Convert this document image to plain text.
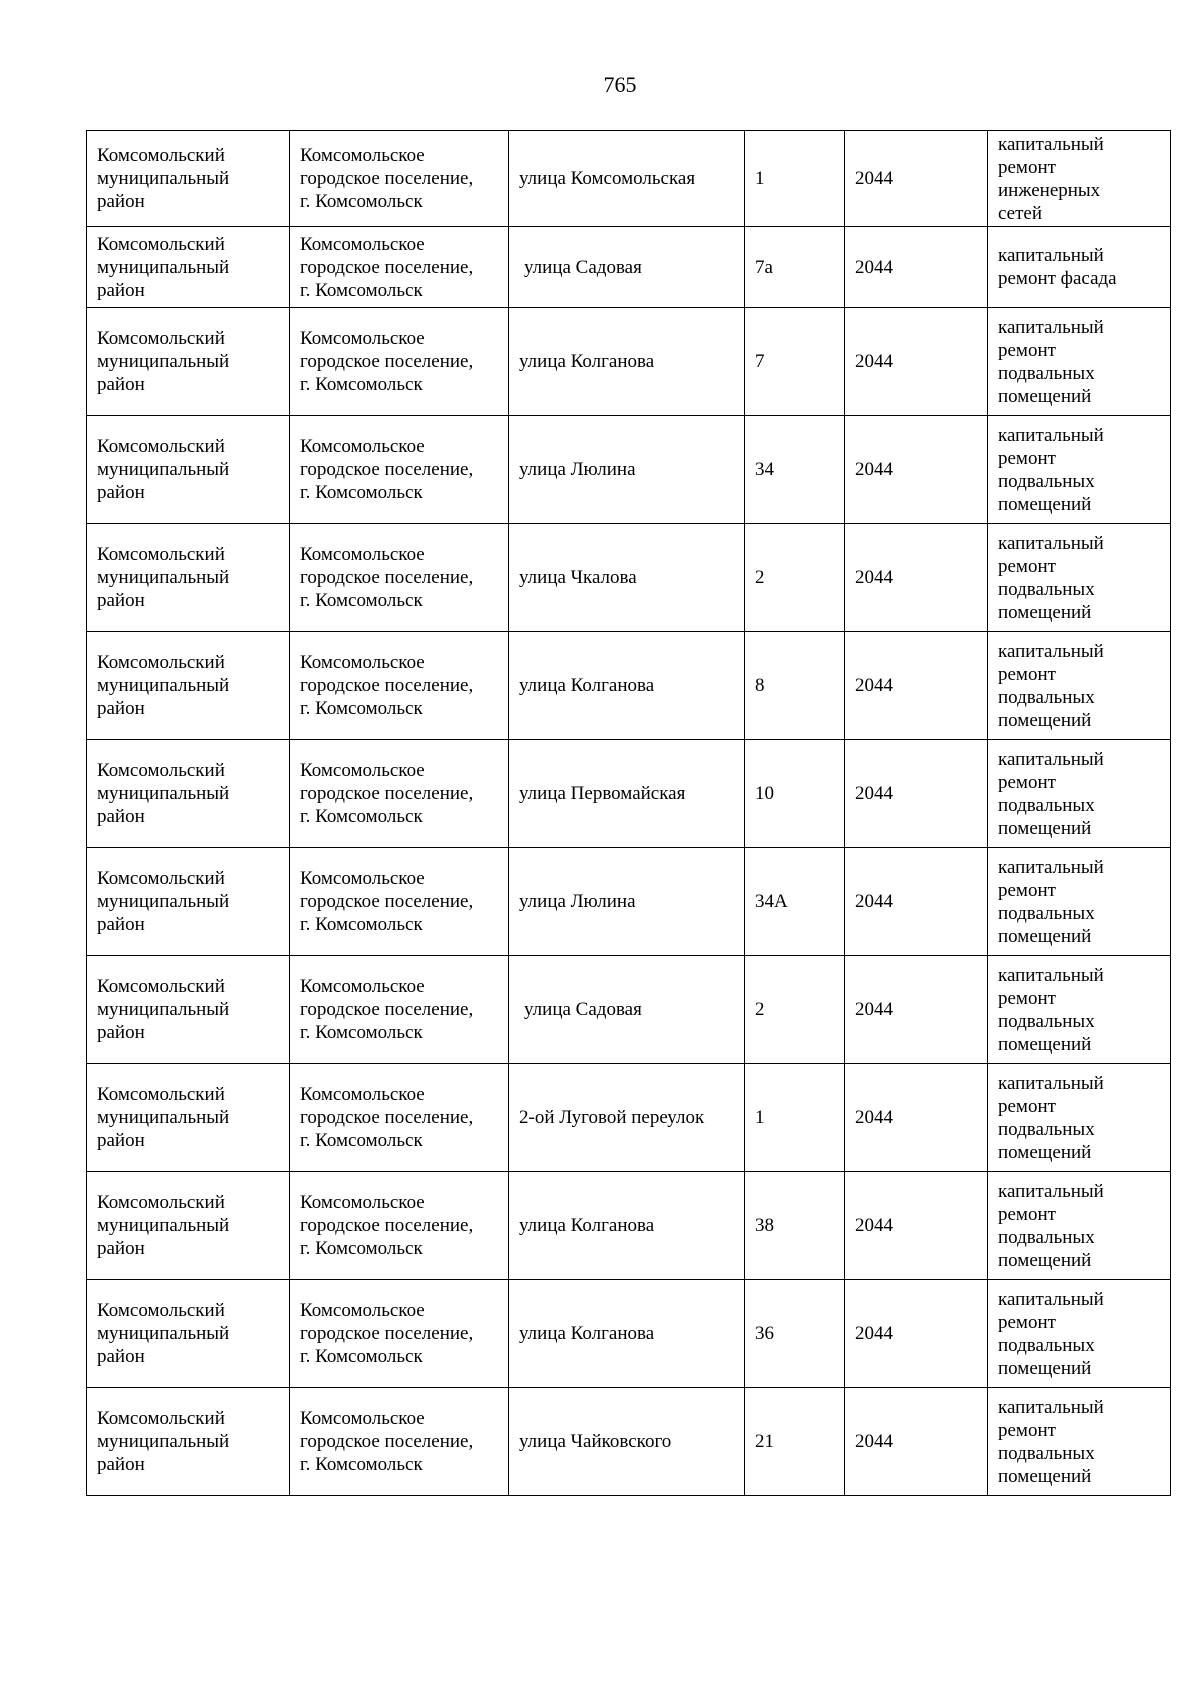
765
Комсомольский
муниципальный
район	Комсомольское
городское поселение,
г. Комсомольск	улица Комсомольская	1	2044	капитальный
ремонт
инженерных
сетей

Комсомольский
муниципальный
район	Комсомольское
городское поселение,
г. Комсомольск	улица Садовая	7а	2044	капитальный
ремонт фасада

Комсомольский
муниципальный
район	Комсомольское
городское поселение,
г. Комсомольск	улица Колганова	7	2044	капитальный
ремонт
подвальных
помещений

Комсомольский
муниципальный
район	Комсомольское
городское поселение,
г. Комсомольск	улица Люлина	34	2044	капитальный
ремонт
подвальных
помещений

Комсомольский
муниципальный
район	Комсомольское
городское поселение,
г. Комсомольск	улица Чкалова	2	2044	капитальный
ремонт
подвальных
помещений

Комсомольский
муниципальный
район	Комсомольское
городское поселение,
г. Комсомольск	улица Колганова	8	2044	капитальный
ремонт
подвальных
помещений

Комсомольский
муниципальный
район	Комсомольское
городское поселение,
г. Комсомольск	улица Первомайская	10	2044	капитальный
ремонт
подвальных
помещений

Комсомольский
муниципальный
район	Комсомольское
городское поселение,
г. Комсомольск	улица Люлина	34А	2044	капитальный
ремонт
подвальных
помещений

Комсомольский
муниципальный
район	Комсомольское
городское поселение,
г. Комсомольск	улица Садовая	2	2044	капитальный
ремонт
подвальных
помещений

Комсомольский
муниципальный
район	Комсомольское
городское поселение,
г. Комсомольск	2-ой Луговой переулок	1	2044	капитальный
ремонт
подвальных
помещений

Комсомольский
муниципальный
район	Комсомольское
городское поселение,
г. Комсомольск	улица Колганова	38	2044	капитальный
ремонт
подвальных
помещений

Комсомольский
муниципальный
район	Комсомольское
городское поселение,
г. Комсомольск	улица Колганова	36	2044	капитальный
ремонт
подвальных
помещений

Комсомольский
муниципальный
район	Комсомольское
городское поселение,
г. Комсомольск	улица Чайковского	21	2044	капитальный
ремонт
подвальных
помещений
